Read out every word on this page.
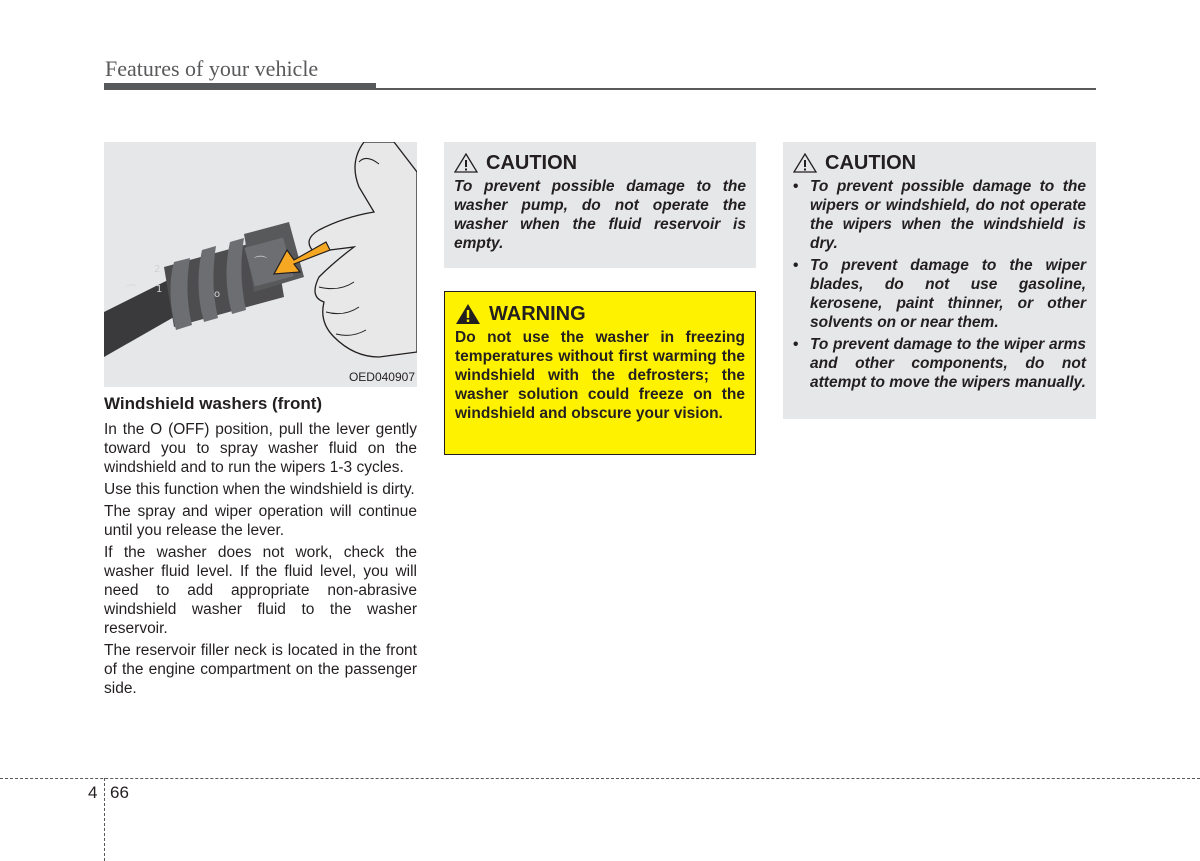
Features of your vehicle
⌒
2
1	o
⌒
OED040907
Windshield washers (front)

In the O (OFF) position, pull the lever gently toward you to spray washer fluid on the windshield and to run the wipers 1-3 cycles.

Use this function when the windshield is dirty.

The spray and wiper operation will continue until you release the lever.

If the washer does not work, check the washer fluid level. If the fluid level, you will need to add appropriate non-abrasive windshield washer fluid to the washer reservoir.

The reservoir filler neck is located in the front of the engine compartment on the passenger side.

CAUTION

To prevent possible damage to the washer pump, do not operate the washer when the fluid reservoir is empty.

WARNING

Do not use the washer in freezing temperatures without first warming the windshield with the defrosters; the washer solution could freeze on the windshield and obscure your vision.

CAUTION
• To prevent possible damage to the wipers or windshield, do not operate the wipers when the windshield is dry.
• To prevent damage to the wiper blades, do not use gasoline, kerosene, paint thinner, or other solvents on or near them.
• To prevent damage to the wiper arms and other components, do not attempt to move the wipers manually.
4 66
